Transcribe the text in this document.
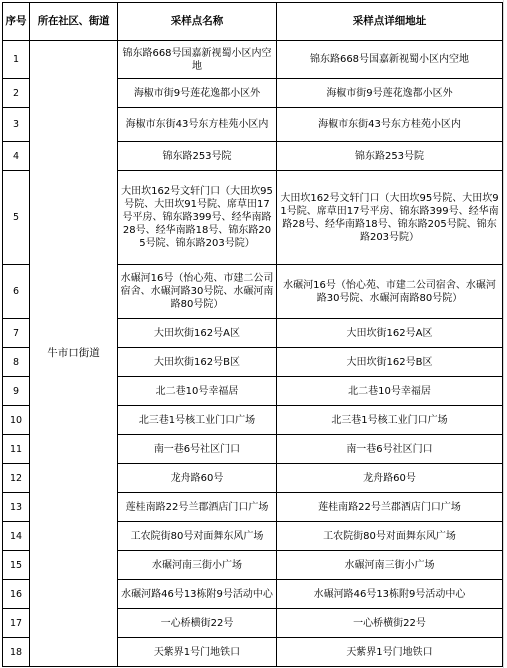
序号	所在社区、街道	采样点名称	采样点详细地址
1	牛市口街道	锦东路668号国嘉新视蜀小区内空地	锦东路668号国嘉新视蜀小区内空地
2		海椒市街9号莲花逸都小区外	海椒市街9号莲花逸都小区外
3		海椒市东街43号东方桂苑小区内	海椒市东街43号东方桂苑小区内
4		锦东路253号院	锦东路253号院
5		大田坎162号文轩门口（大田坎95号院、大田坎91号院、席草田17号平房、锦东路399号、经华南路28号、经华南路18号、锦东路205号院、锦东路203号院）	大田坎162号文轩门口（大田坎95号院、大田坎91号院、席草田17号平房、锦东路399号、经华南路28号、经华南路18号、锦东路205号院、锦东路203号院）
6		水碾河16号（怡心苑、市建二公司宿舍、水碾河路30号院、水碾河南路80号院）	水碾河16号（怡心苑、市建二公司宿舍、水碾河路30号院、水碾河南路80号院）
7		大田坎街162号A区	大田坎街162号A区
8		大田坎街162号B区	大田坎街162号B区
9		北二巷10号幸福居	北二巷10号幸福居
10		北三巷1号核工业门口广场	北三巷1号核工业门口广场
11		南一巷6号社区门口	南一巷6号社区门口
12		龙舟路60号	龙舟路60号
13		莲桂南路22号兰郡酒店门口广场	莲桂南路22号兰郡酒店门口广场
14		工农院街80号对面舞东风广场	工农院街80号对面舞东风广场
15		水碾河南三街小广场	水碾河南三街小广场
16		水碾河路46号13栋附9号活动中心	水碾河路46号13栋附9号活动中心
17		一心桥横街22号	一心桥横街22号
18		天紫界1号门地铁口	天紫界1号门地铁口
